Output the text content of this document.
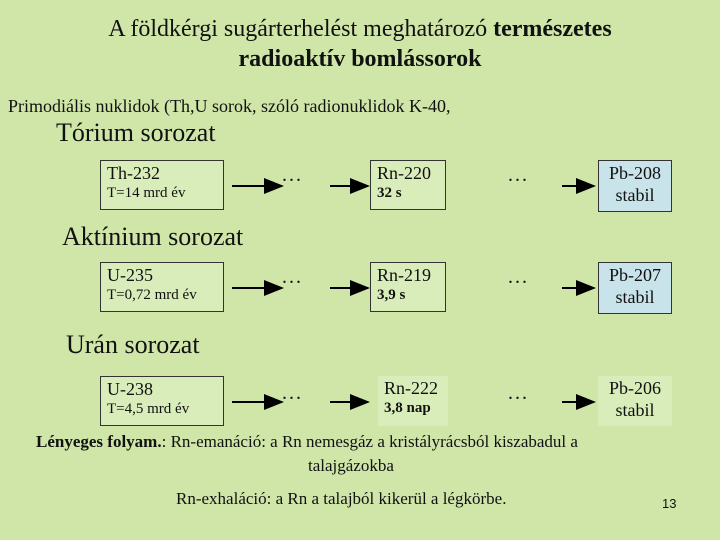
A földkérgi sugárterhelést meghatározó természetes
radioaktív bomlássorok
Primodiális nuklidok (Th,U sorok, szóló radionuklidok K-40,
Tórium sorozat
Th-232
T=14 mrd év
...	Rn-220
32 s
...	Pb-208
stabil
Aktínium sorozat
U-235
T=0,72 mrd év
...	Rn-219
3,9 s
...	Pb-207
stabil
Urán sorozat
U-238
T=4,5 mrd év
...	Rn-222
3,8 nap
...	Pb-206
stabil
Lényeges folyam.: Rn-emanáció: a Rn nemesgáz a kristályrácsból kiszabadul a
talajgázokba
Rn-exhaláció: a Rn a talajból kikerül a légkörbe.	13
